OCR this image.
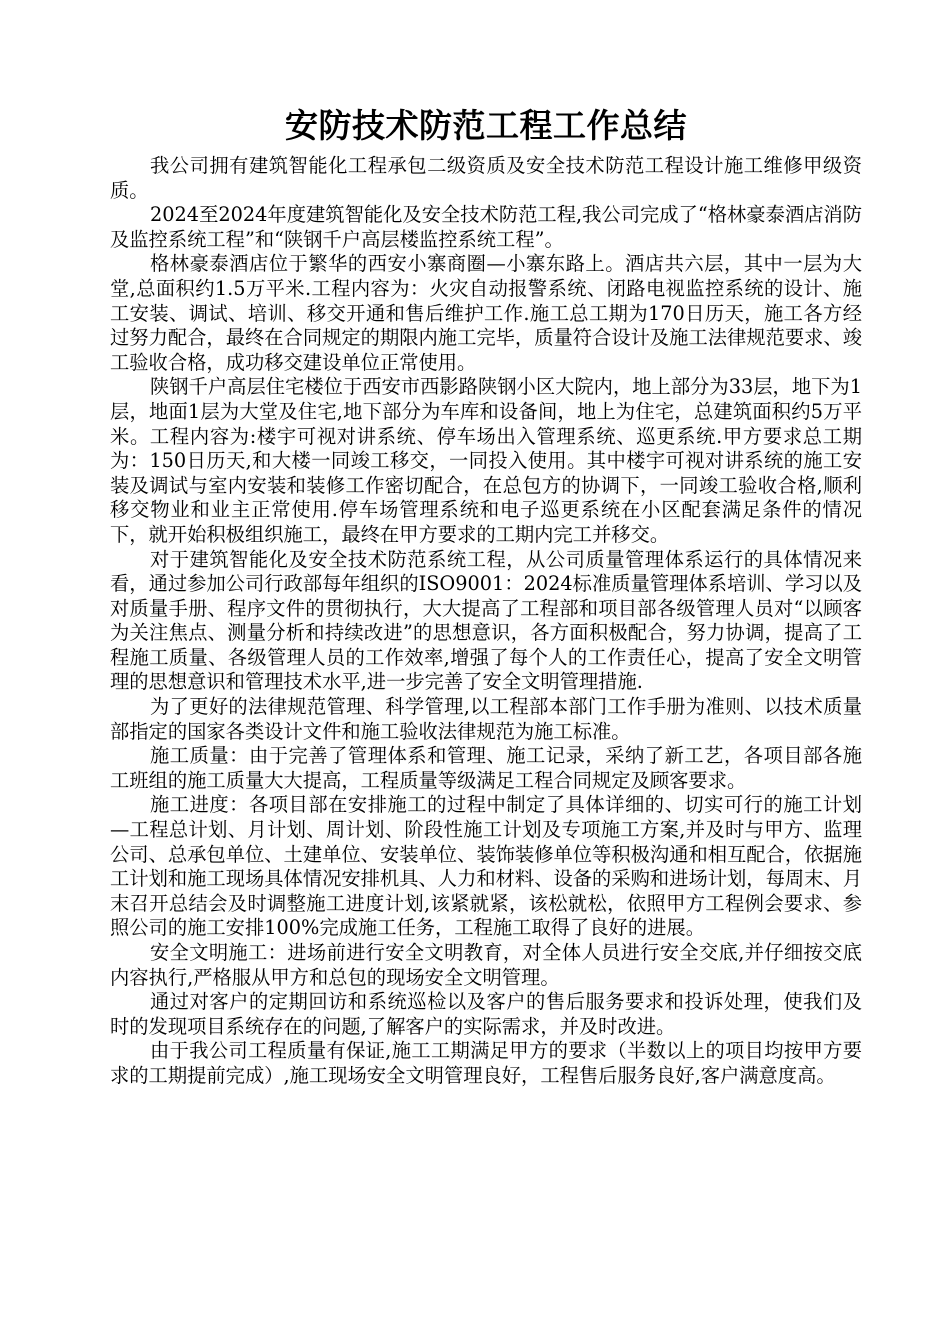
安防技术防范工程工作总结

我公司拥有建筑智能化工程承包二级资质及安全技术防范工程设计施工维修甲级资质。

2024至2024年度建筑智能化及安全技术防范工程,我公司完成了“格林豪泰酒店消防及监控系统工程”和“陕钢千户高层楼监控系统工程”。

格林豪泰酒店位于繁华的西安小寨商圈—小寨东路上。酒店共六层，其中一层为大堂,总面积约1.5万平米.工程内容为：火灾自动报警系统、闭路电视监控系统的设计、施工安装、调试、培训、移交开通和售后维护工作.施工总工期为170日历天，施工各方经过努力配合，最终在合同规定的期限内施工完毕，质量符合设计及施工法律规范要求、竣工验收合格，成功移交建设单位正常使用。

陕钢千户高层住宅楼位于西安市西影路陕钢小区大院内，地上部分为33层，地下为1层，地面1层为大堂及住宅,地下部分为车库和设备间，地上为住宅，总建筑面积约5万平米。工程内容为:楼宇可视对讲系统、停车场出入管理系统、巡更系统.甲方要求总工期为：150日历天,和大楼一同竣工移交，一同投入使用。其中楼宇可视对讲系统的施工安装及调试与室内安装和装修工作密切配合，在总包方的协调下，一同竣工验收合格,顺利移交物业和业主正常使用.停车场管理系统和电子巡更系统在小区配套满足条件的情况下，就开始积极组织施工，最终在甲方要求的工期内完工并移交。

对于建筑智能化及安全技术防范系统工程，从公司质量管理体系运行的具体情况来看，通过参加公司行政部每年组织的ISO9001：2024标准质量管理体系培训、学习以及对质量手册、程序文件的贯彻执行，大大提高了工程部和项目部各级管理人员对“以顾客为关注焦点、测量分析和持续改进”的思想意识，各方面积极配合，努力协调，提高了工程施工质量、各级管理人员的工作效率,增强了每个人的工作责任心，提高了安全文明管理的思想意识和管理技术水平,进一步完善了安全文明管理措施.

为了更好的法律规范管理、科学管理,以工程部本部门工作手册为准则、以技术质量部指定的国家各类设计文件和施工验收法律规范为施工标准。

施工质量：由于完善了管理体系和管理、施工记录，采纳了新工艺，各项目部各施工班组的施工质量大大提高，工程质量等级满足工程合同规定及顾客要求。

施工进度：各项目部在安排施工的过程中制定了具体详细的、切实可行的施工计划—工程总计划、月计划、周计划、阶段性施工计划及专项施工方案,并及时与甲方、监理公司、总承包单位、土建单位、安装单位、装饰装修单位等积极沟通和相互配合，依据施工计划和施工现场具体情况安排机具、人力和材料、设备的采购和进场计划，每周末、月末召开总结会及时调整施工进度计划,该紧就紧，该松就松，依照甲方工程例会要求、参照公司的施工安排100%完成施工任务，工程施工取得了良好的进展。

安全文明施工：进场前进行安全文明教育，对全体人员进行安全交底,并仔细按交底内容执行,严格服从甲方和总包的现场安全文明管理。

通过对客户的定期回访和系统巡检以及客户的售后服务要求和投诉处理，使我们及时的发现项目系统存在的问题,了解客户的实际需求，并及时改进。

由于我公司工程质量有保证,施工工期满足甲方的要求（半数以上的项目均按甲方要求的工期提前完成）,施工现场安全文明管理良好，工程售后服务良好,客户满意度高。
